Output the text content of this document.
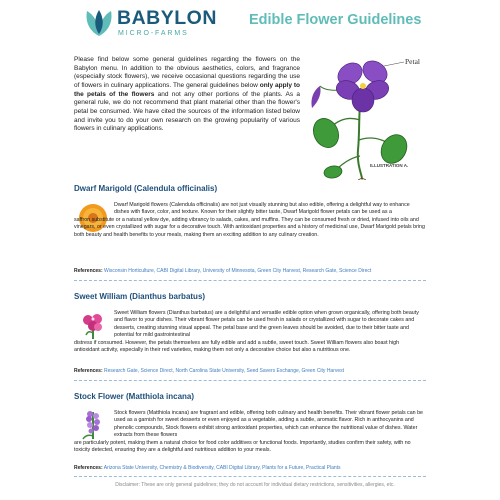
BABYLON
MICRO-FARMS
Edible Flower Guidelines

Please find below some general guidelines regarding the flowers on the Babylon menu. In addition to the obvious aesthetics, colors, and fragrance (especially stock flowers), we receive occasional questions regarding the use of flowers in culinary applications. The general guidelines below only apply to the petals of the flowers and not any other portions of the plants. As a general rule, we do not recommend that plant material other than the flower's petal be consumed. We have cited the sources of the information listed below and invite you to do your own research on the growing popularity of various flowers in culinary applications.

Petal
ILLUSTRATION A.
Dwarf Marigold (Calendula officinalis)

Dwarf Marigold flowers (Calendula officinalis) are not just visually stunning but also edible, offering a delightful way to enhance dishes with flavor, color, and texture. Known for their slightly bitter taste, Dwarf Marigold flower petals can be used as a
saffron substitute or a natural yellow dye, adding vibrancy to salads, cakes, and muffins. They can be consumed fresh or dried, infused into oils and vinegars, or even crystallized with sugar for a decorative touch. With antioxidant properties and a history of medicinal use, Dwarf Marigold petals bring both beauty and health benefits to your meals, making them an exciting addition to any culinary creation.

References: Wisconsin Horticulture, CABI Digital Library, University of Minnesota, Green City Harvest, Research Gate, Science Direct

Sweet William (Dianthus barbatus)

Sweet William flowers (Dianthus barbatus) are a delightful and versatile edible option when grown organically, offering both beauty and flavor to your dishes. Their vibrant flower petals can be used fresh in salads or crystallized with sugar to decorate cakes and desserts, creating stunning visual appeal. The petal base and the green leaves should be avoided, due to their bitter taste and potential for mild gastrointestinal
distress if consumed. However, the petals themselves are fully edible and add a subtle, sweet touch. Sweet William flowers also boast high antioxidant activity, especially in their red varieties, making them not only a decorative choice but also a nutritious one.

References: Research Gate, Science Direct, North Carolina State University, Seed Savers Exchange, Green City Harvest

Stock Flower (Matthiola incana)

Stock flowers (Matthiola incana) are fragrant and edible, offering both culinary and health benefits. Their vibrant flower petals can be used as a garnish for sweet desserts or even enjoyed as a vegetable, adding a subtle, aromatic flavor. Rich in anthocyanins and phenolic compounds, Stock flowers exhibit strong antioxidant properties, which can enhance the nutritional value of dishes. Water extracts from these flowers
are particularly potent, making them a natural choice for food color additives or functional foods. Importantly, studies confirm their safety, with no toxicity detected, ensuring they are a delightful and nutritious addition to your meals.

References: Arizona State University, Chemistry & Biodiversity, CABI Digital Library, Plants for a Future, Practical Plants

Disclaimer: These are only general guidelines; they do not account for individual dietary restrictions, sensitivities, allergies, etc.
